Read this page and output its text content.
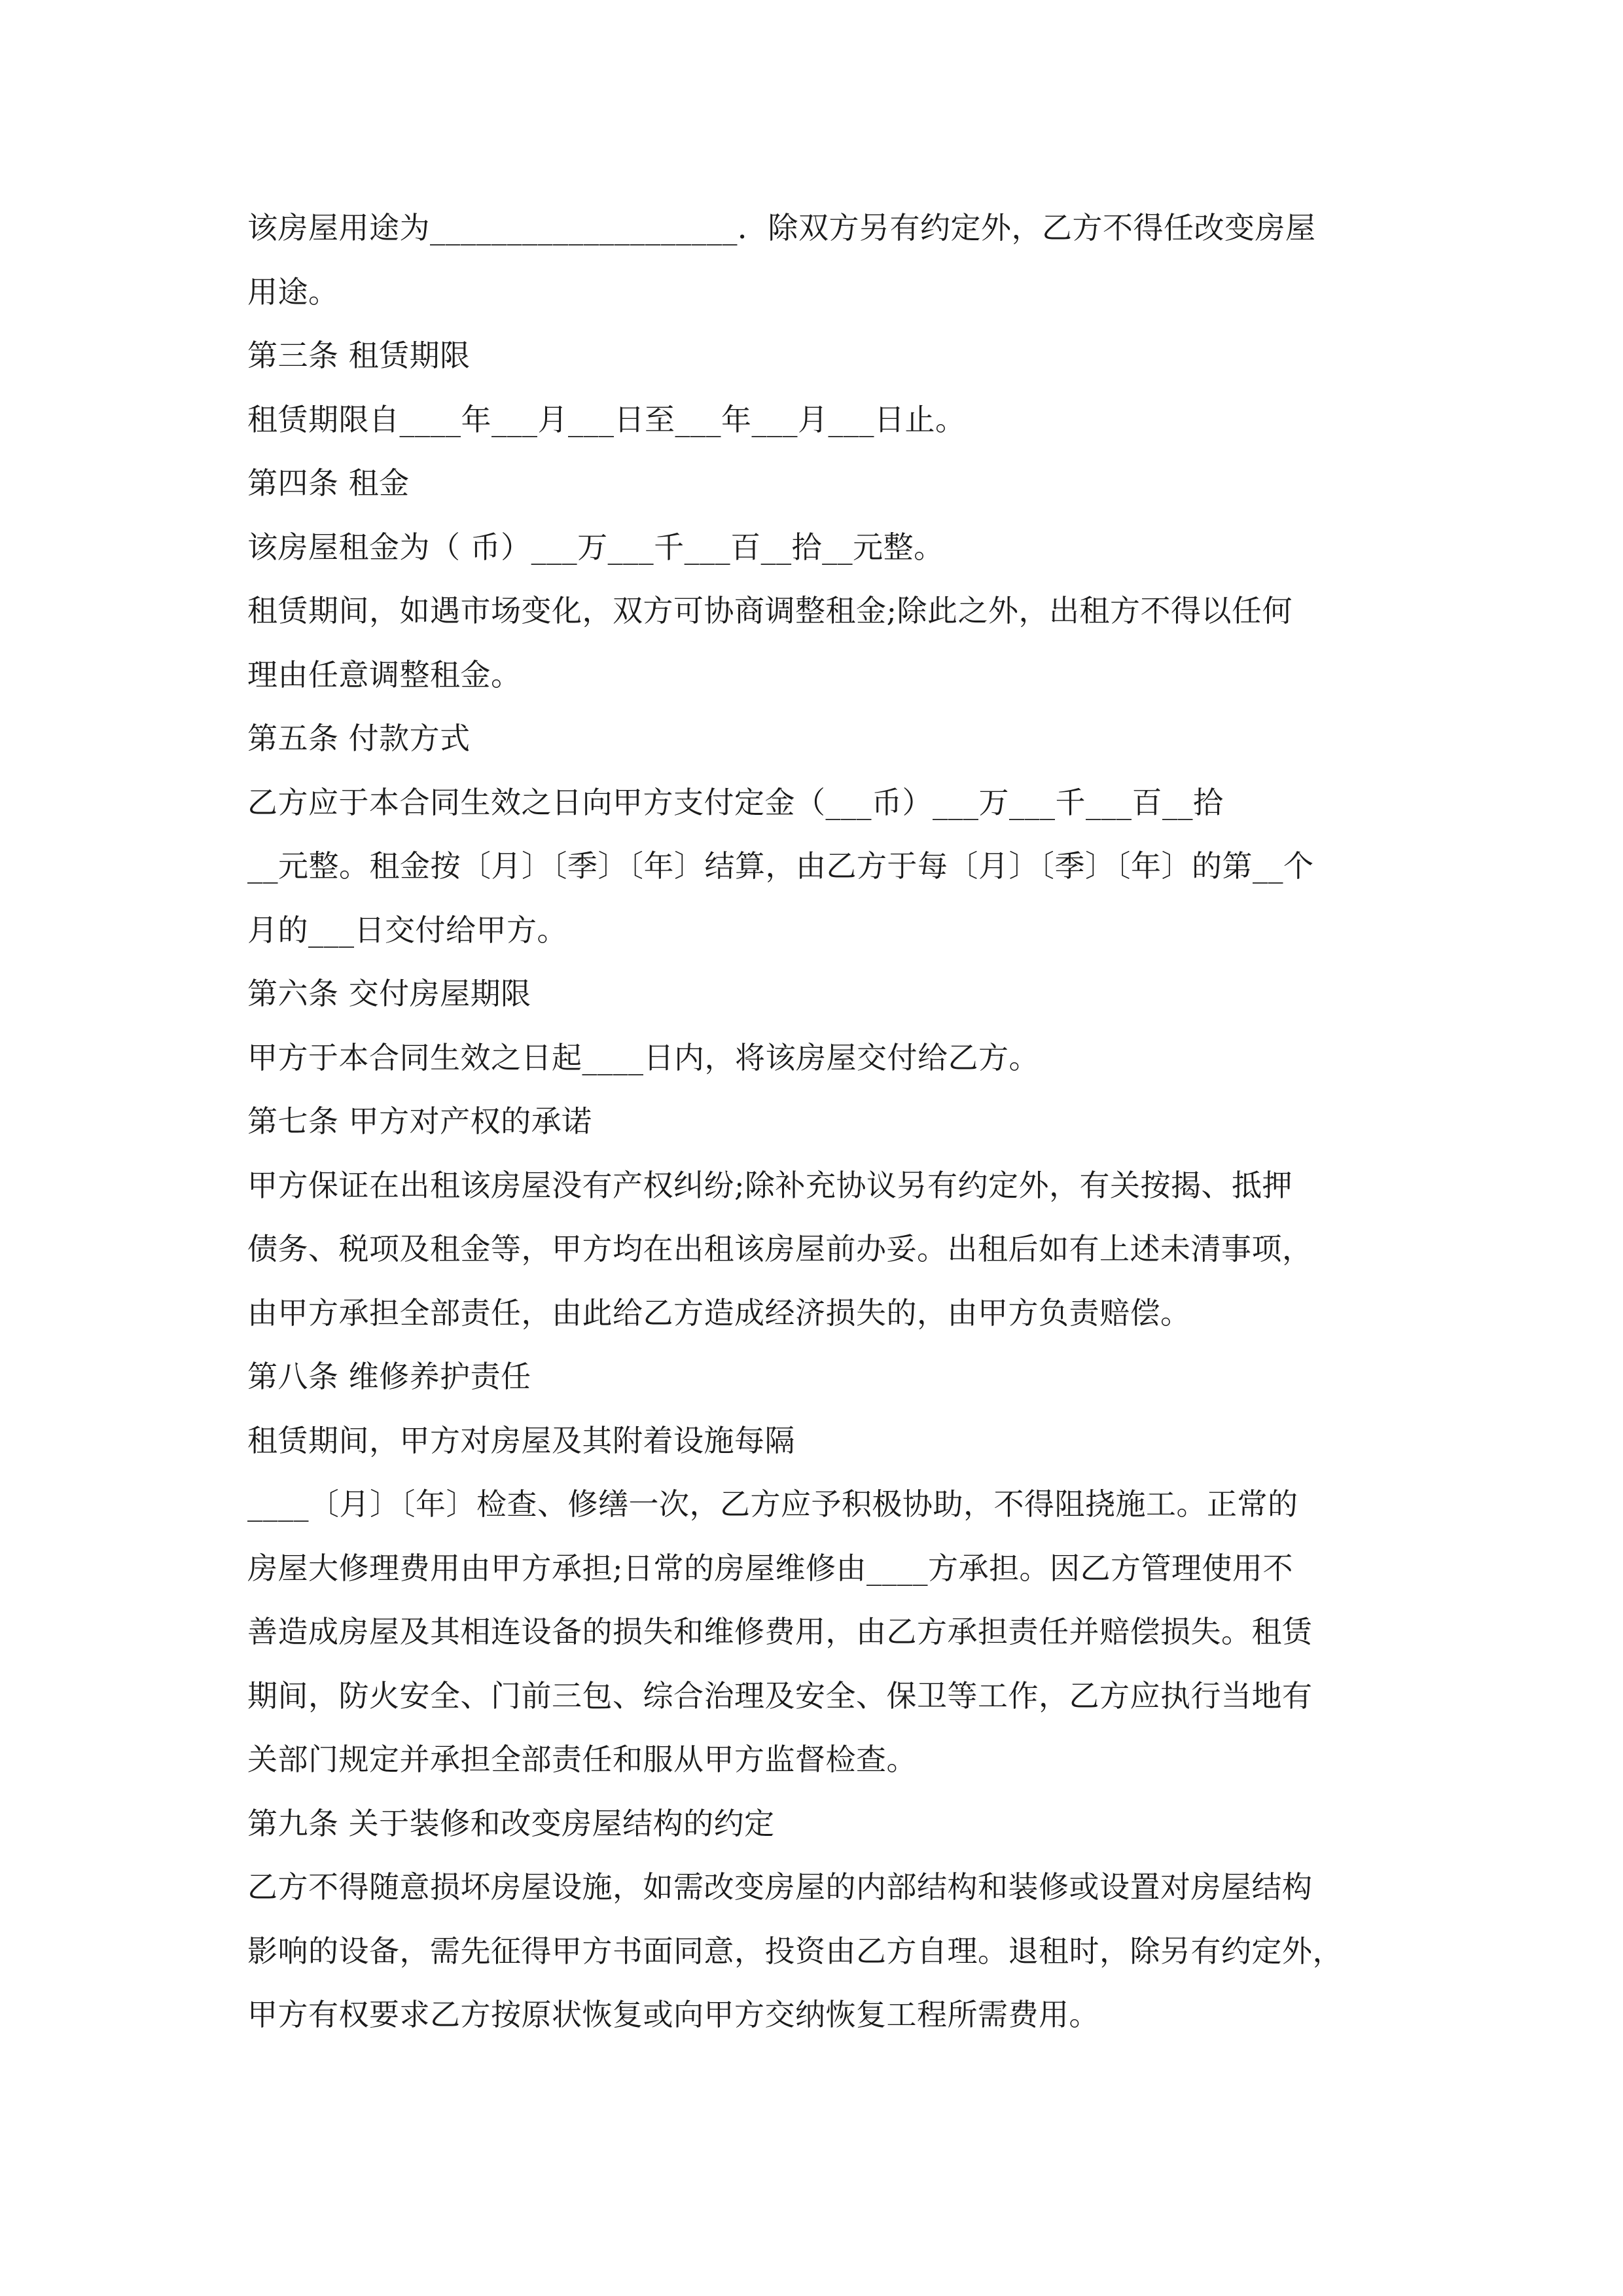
该房屋用途为____________________．除双方另有约定外，乙方不得任改变房屋
用途。
第三条 租赁期限
租赁期限自____年___月___日至___年___月___日止。
第四条 租金
该房屋租金为（ 币）___万___千___百__拾__元整。
租赁期间，如遇市场变化，双方可协商调整租金;除此之外，出租方不得以任何
理由任意调整租金。
第五条 付款方式
乙方应于本合同生效之日向甲方支付定金（___币）___万___千___百__拾
__元整。租金按〔月〕〔季〕〔年〕结算，由乙方于每〔月〕〔季〕〔年〕的第__个
月的___日交付给甲方。
第六条 交付房屋期限
甲方于本合同生效之日起____日内，将该房屋交付给乙方。
第七条 甲方对产权的承诺
甲方保证在出租该房屋没有产权纠纷;除补充协议另有约定外，有关按揭、抵押
债务、税项及租金等，甲方均在出租该房屋前办妥。出租后如有上述未清事项，
由甲方承担全部责任，由此给乙方造成经济损失的，由甲方负责赔偿。
第八条 维修养护责任
租赁期间，甲方对房屋及其附着设施每隔
____〔月〕〔年〕检查、修缮一次，乙方应予积极协助，不得阻挠施工。正常的
房屋大修理费用由甲方承担;日常的房屋维修由____方承担。因乙方管理使用不
善造成房屋及其相连设备的损失和维修费用，由乙方承担责任并赔偿损失。租赁
期间，防火安全、门前三包、综合治理及安全、保卫等工作，乙方应执行当地有
关部门规定并承担全部责任和服从甲方监督检查。
第九条 关于装修和改变房屋结构的约定
乙方不得随意损坏房屋设施，如需改变房屋的内部结构和装修或设置对房屋结构
影响的设备，需先征得甲方书面同意，投资由乙方自理。退租时，除另有约定外，
甲方有权要求乙方按原状恢复或向甲方交纳恢复工程所需费用。
